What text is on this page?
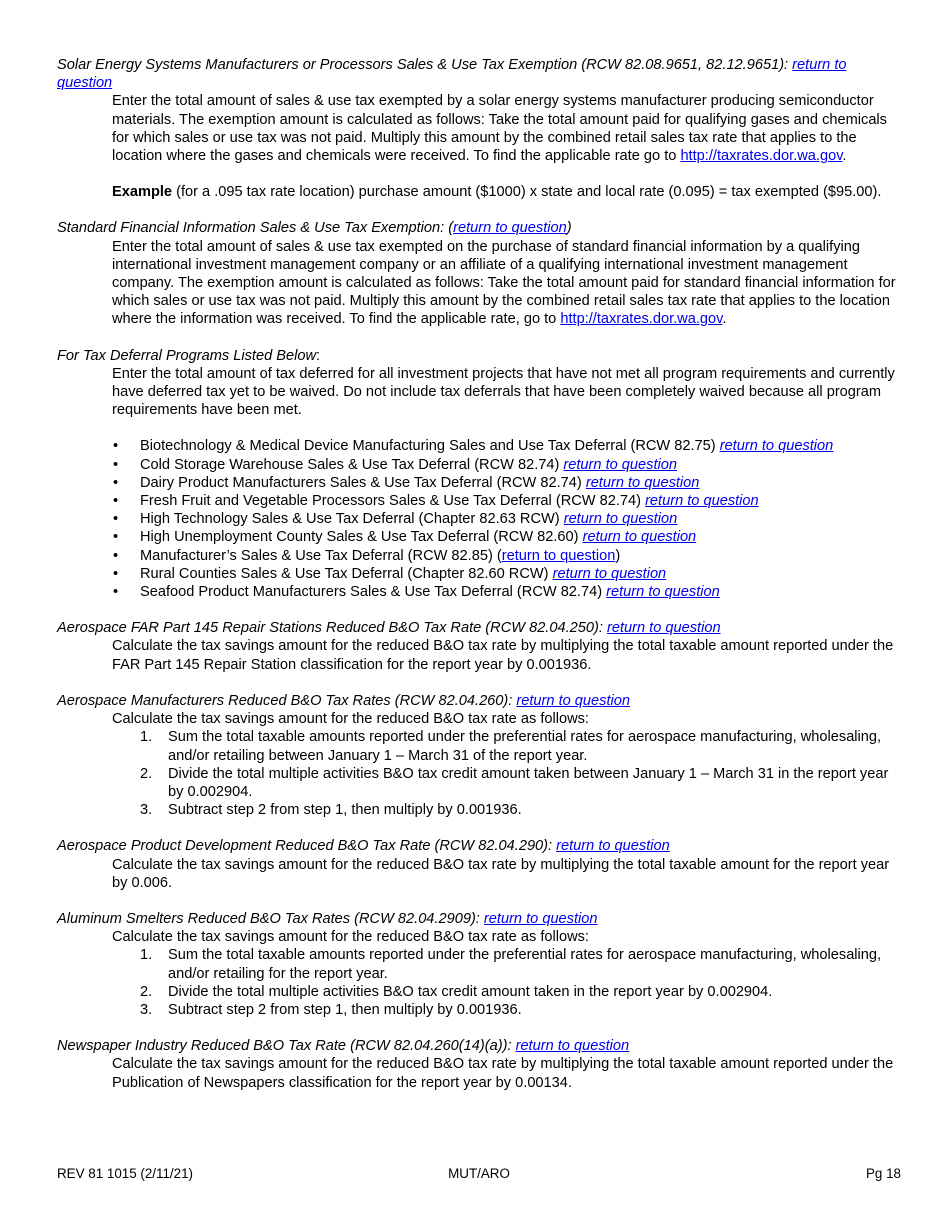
Solar Energy Systems Manufacturers or Processors Sales & Use Tax Exemption (RCW 82.08.9651, 82.12.9651): return to question
Enter the total amount of sales & use tax exempted by a solar energy systems manufacturer producing semiconductor materials. The exemption amount is calculated as follows: Take the total amount paid for qualifying gases and chemicals for which sales or use tax was not paid. Multiply this amount by the combined retail sales tax rate that applies to the location where the gases and chemicals were received. To find the applicable rate go to http://taxrates.dor.wa.gov.
Example (for a .095 tax rate location) purchase amount ($1000) x state and local rate (0.095) = tax exempted ($95.00).
Standard Financial Information Sales & Use Tax Exemption: (return to question)
Enter the total amount of sales & use tax exempted on the purchase of standard financial information by a qualifying international investment management company or an affiliate of a qualifying international investment management company. The exemption amount is calculated as follows: Take the total amount paid for standard financial information for which sales or use tax was not paid. Multiply this amount by the combined retail sales tax rate that applies to the location where the information was received. To find the applicable rate, go to http://taxrates.dor.wa.gov.
For Tax Deferral Programs Listed Below:
Enter the total amount of tax deferred for all investment projects that have not met all program requirements and currently have deferred tax yet to be waived. Do not include tax deferrals that have been completely waived because all program requirements have been met.
• Biotechnology & Medical Device Manufacturing Sales and Use Tax Deferral (RCW 82.75) return to question
• Cold Storage Warehouse Sales & Use Tax Deferral (RCW 82.74) return to question
• Dairy Product Manufacturers Sales & Use Tax Deferral (RCW 82.74) return to question
• Fresh Fruit and Vegetable Processors Sales & Use Tax Deferral (RCW 82.74) return to question
• High Technology Sales & Use Tax Deferral (Chapter 82.63 RCW) return to question
• High Unemployment County Sales & Use Tax Deferral (RCW 82.60) return to question
• Manufacturer’s Sales & Use Tax Deferral (RCW 82.85) (return to question)
• Rural Counties Sales & Use Tax Deferral (Chapter 82.60 RCW) return to question
• Seafood Product Manufacturers Sales & Use Tax Deferral (RCW 82.74) return to question
Aerospace FAR Part 145 Repair Stations Reduced B&O Tax Rate (RCW 82.04.250): return to question
Calculate the tax savings amount for the reduced B&O tax rate by multiplying the total taxable amount reported under the FAR Part 145 Repair Station classification for the report year by 0.001936.
Aerospace Manufacturers Reduced B&O Tax Rates (RCW 82.04.260): return to question
Calculate the tax savings amount for the reduced B&O tax rate as follows:
1. Sum the total taxable amounts reported under the preferential rates for aerospace manufacturing, wholesaling, and/or retailing between January 1 – March 31 of the report year.
2. Divide the total multiple activities B&O tax credit amount taken between January 1 – March 31 in the report year by 0.002904.
3. Subtract step 2 from step 1, then multiply by 0.001936.
Aerospace Product Development Reduced B&O Tax Rate (RCW 82.04.290): return to question
Calculate the tax savings amount for the reduced B&O tax rate by multiplying the total taxable amount for the report year by 0.006.
Aluminum Smelters Reduced B&O Tax Rates (RCW 82.04.2909): return to question
Calculate the tax savings amount for the reduced B&O tax rate as follows:
1. Sum the total taxable amounts reported under the preferential rates for aerospace manufacturing, wholesaling, and/or retailing for the report year.
2. Divide the total multiple activities B&O tax credit amount taken in the report year by 0.002904.
3. Subtract step 2 from step 1, then multiply by 0.001936.
Newspaper Industry Reduced B&O Tax Rate (RCW 82.04.260(14)(a)): return to question
Calculate the tax savings amount for the reduced B&O tax rate by multiplying the total taxable amount reported under the Publication of Newspapers classification for the report year by 0.00134.
REV 81 1015 (2/11/21)	MUT/ARO	Pg 18
